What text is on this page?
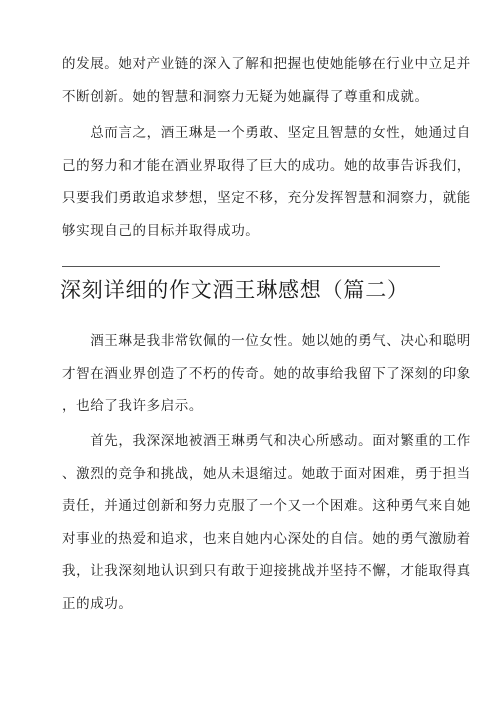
的发展。她对产业链的深入了解和把握也使她能够在行业中立足并
不断创新。她的智慧和洞察力无疑为她赢得了尊重和成就。
　　总而言之，酒王琳是一个勇敢、坚定且智慧的女性，她通过自
己的努力和才能在酒业界取得了巨大的成功。她的故事告诉我们，
只要我们勇敢追求梦想，坚定不移，充分发挥智慧和洞察力，就能
够实现自己的目标并取得成功。
深刻详细的作文酒王琳感想（篇二）
　　酒王琳是我非常钦佩的一位女性。她以她的勇气、决心和聪明
才智在酒业界创造了不朽的传奇。她的故事给我留下了深刻的印象
，也给了我许多启示。
　　首先，我深深地被酒王琳勇气和决心所感动。面对繁重的工作
、激烈的竞争和挑战，她从未退缩过。她敢于面对困难，勇于担当
责任，并通过创新和努力克服了一个又一个困难。这种勇气来自她
对事业的热爱和追求，也来自她内心深处的自信。她的勇气激励着
我，让我深刻地认识到只有敢于迎接挑战并坚持不懈，才能取得真
正的成功。
